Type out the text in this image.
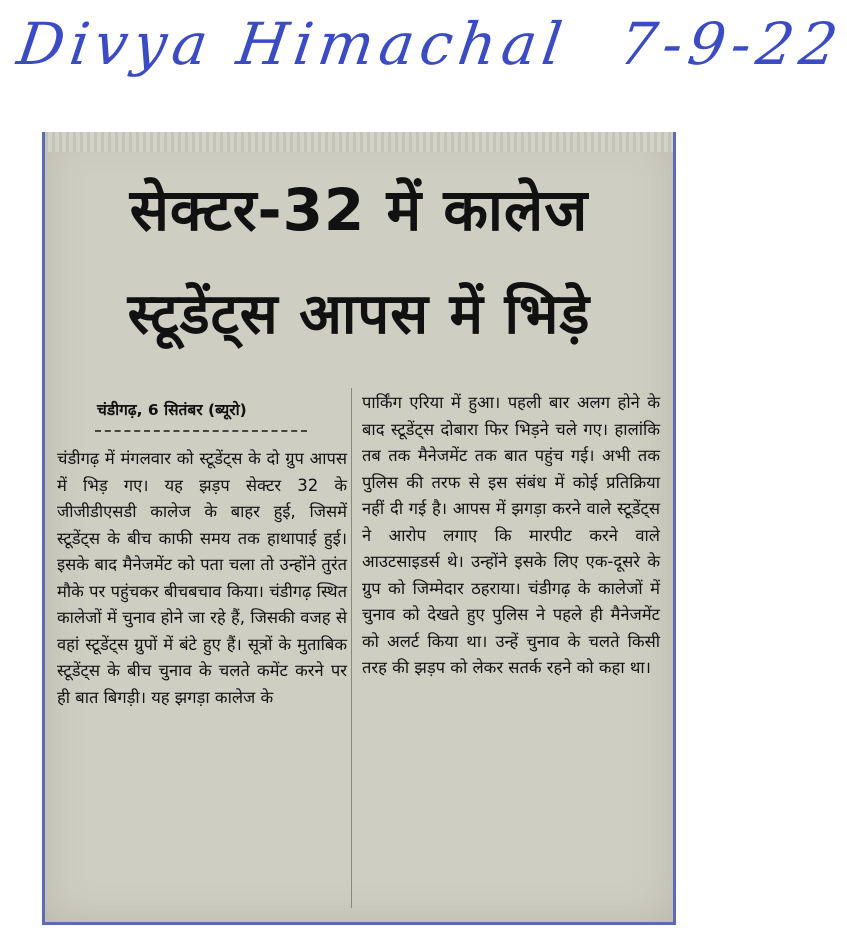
Divya Himachal 7-9-22
सेक्टर-32 में कालेज
स्टूडेंट्स आपस में भिड़े
चंडीगढ़, 6 सितंबर (ब्यूरो)

चंडीगढ़ में मंगलवार को स्टूडेंट्स के दो ग्रुप आपस में भिड़ गए। यह झड़प सेक्टर 32 के जीजीडीएसडी कालेज के बाहर हुई, जिसमें स्टूडेंट्स के बीच काफी समय तक हाथापाई हुई। इसके बाद मैनेजमेंट को पता चला तो उन्होंने तुरंत मौके पर पहुंचकर बीचबचाव किया। चंडीगढ़ स्थित कालेजों में चुनाव होने जा रहे हैं, जिसकी वजह से वहां स्टूडेंट्स ग्रुपों में बंटे हुए हैं। सूत्रों के मुताबिक स्टूडेंट्स के बीच चुनाव के चलते कमेंट करने पर ही बात बिगड़ी। यह झगड़ा कालेज के

पार्किंग एरिया में हुआ। पहली बार अलग होने के बाद स्टूडेंट्स दोबारा फिर भिड़ने चले गए। हालांकि तब तक मैनेजमेंट तक बात पहुंच गई। अभी तक पुलिस की तरफ से इस संबंध में कोई प्रतिक्रिया नहीं दी गई है। आपस में झगड़ा करने वाले स्टूडेंट्स ने आरोप लगाए कि मारपीट करने वाले आउटसाइडर्स थे। उन्होंने इसके लिए एक-दूसरे के ग्रुप को जिम्मेदार ठहराया। चंडीगढ़ के कालेजों में चुनाव को देखते हुए पुलिस ने पहले ही मैनेजमेंट को अलर्ट किया था। उन्हें चुनाव के चलते किसी तरह की झड़प को लेकर सतर्क रहने को कहा था।
